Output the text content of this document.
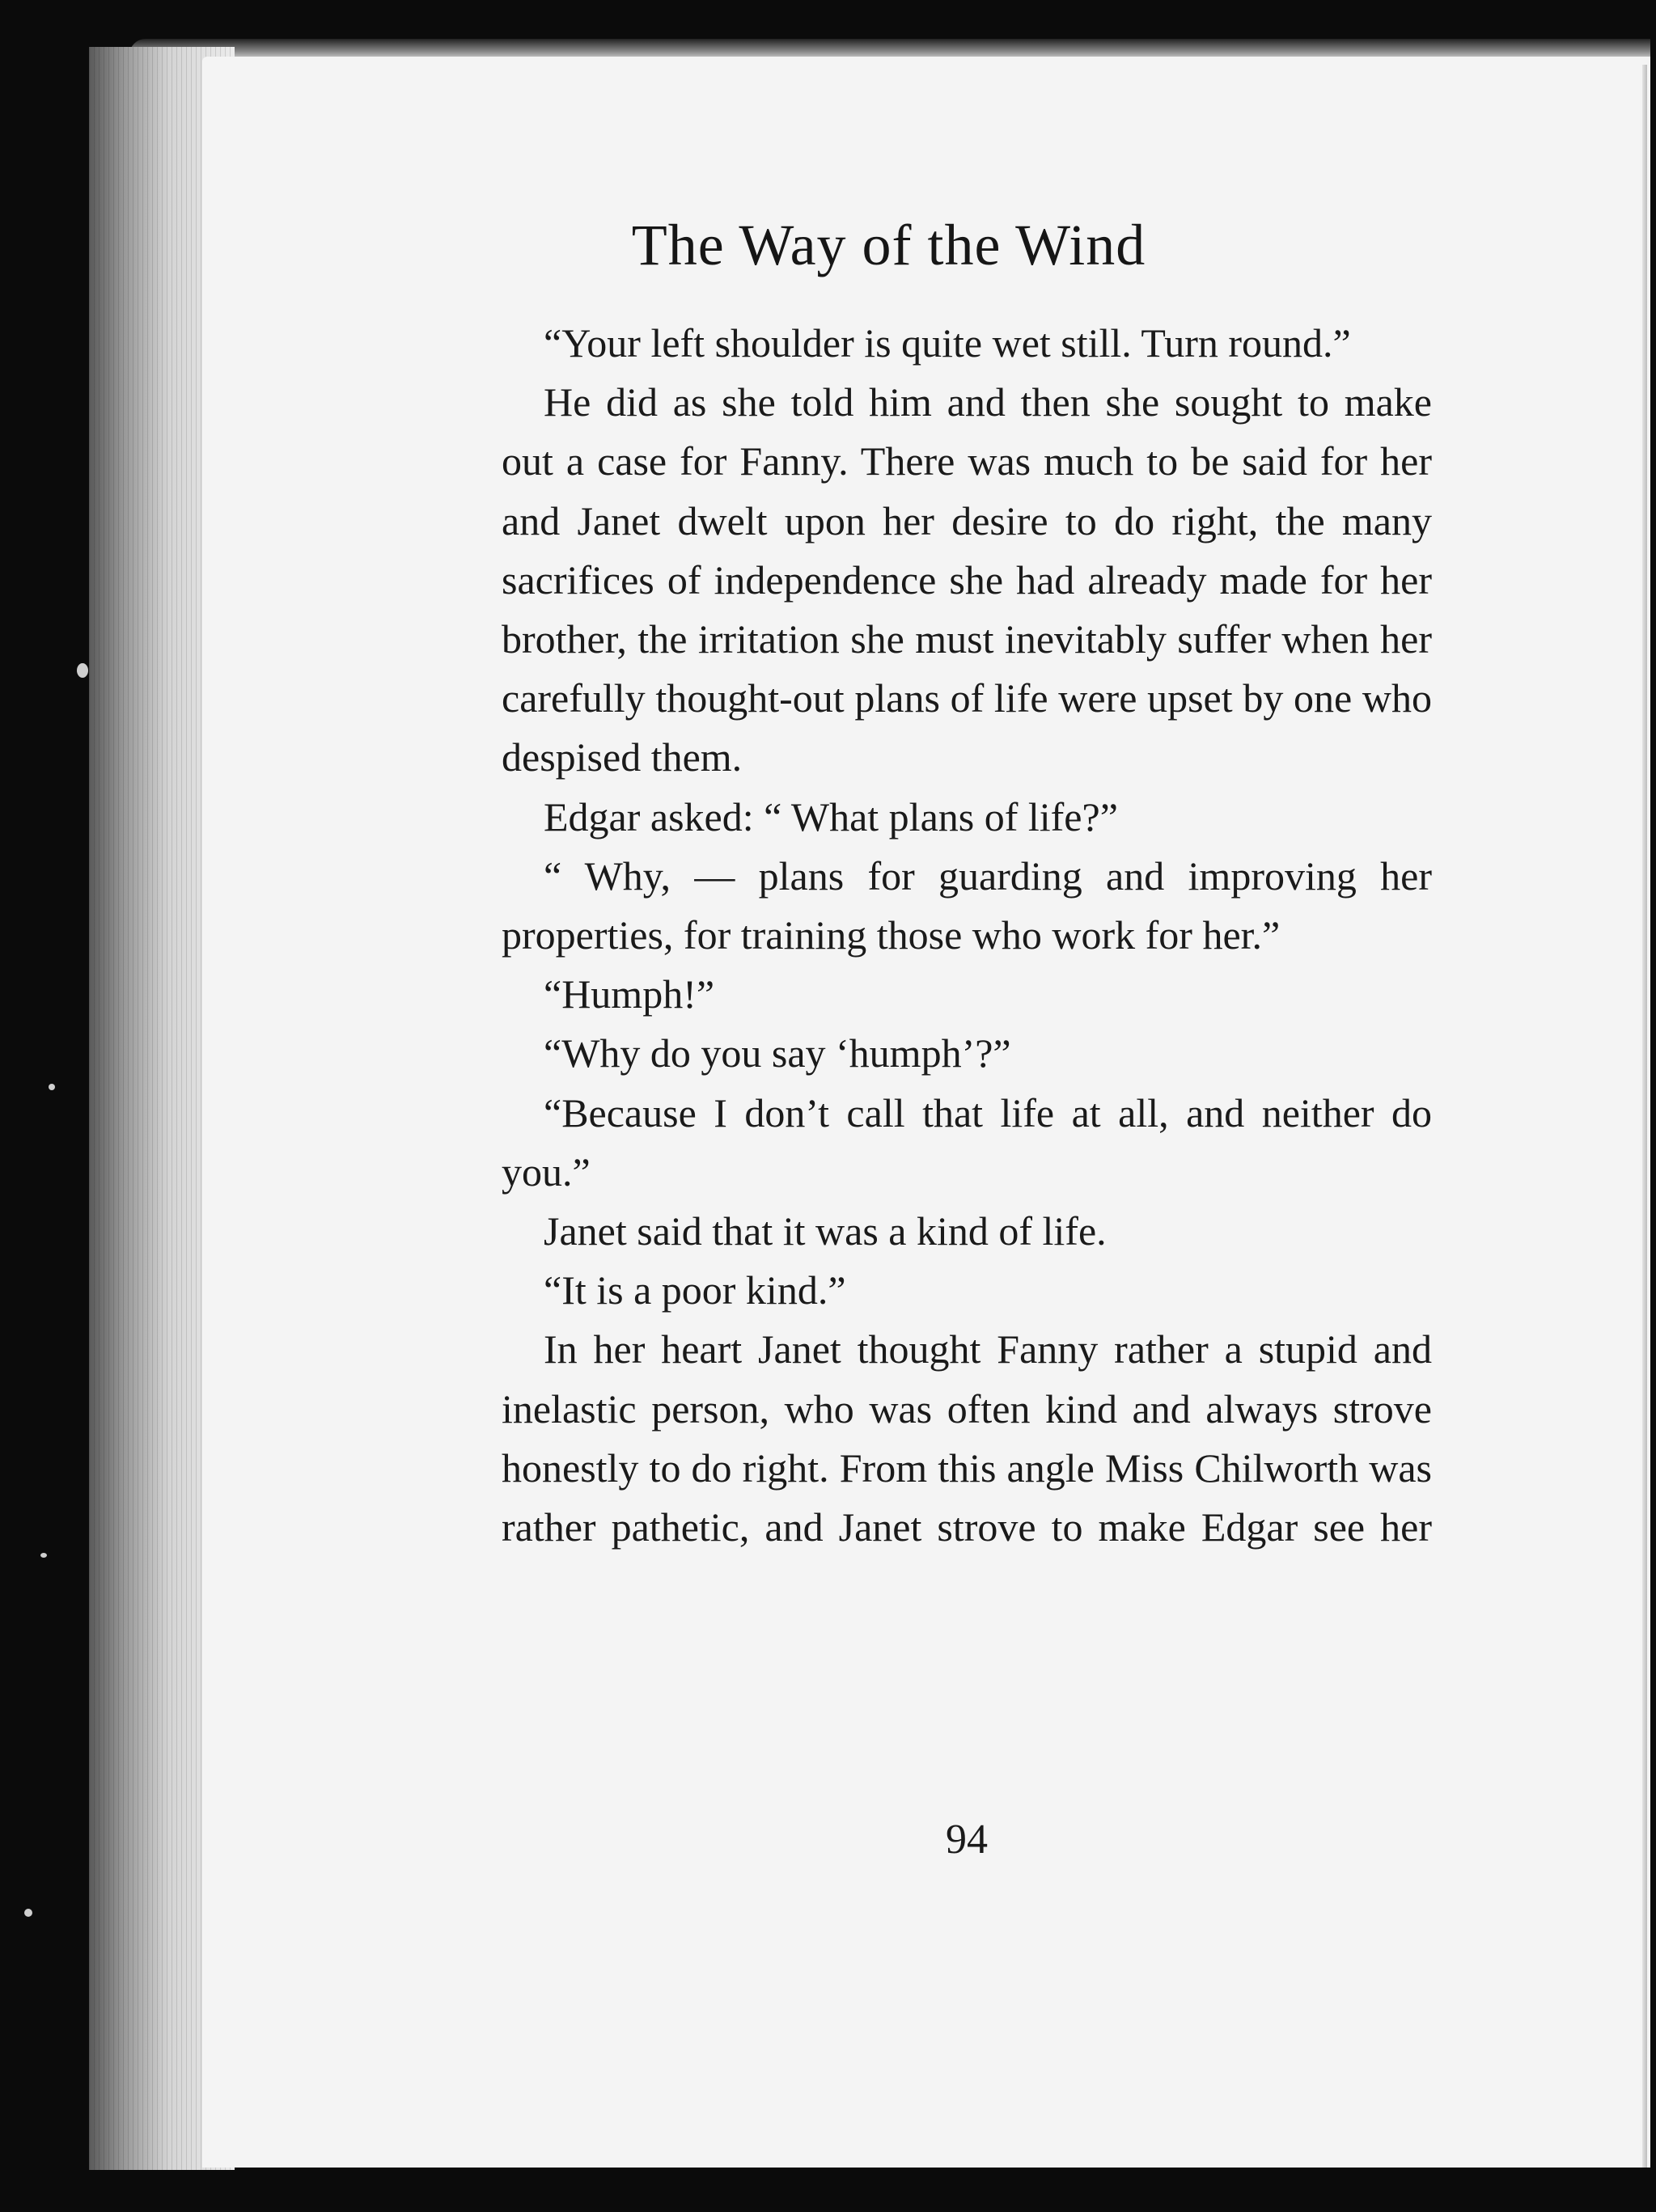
The Way of the Wind

“Your left shoulder is quite wet still. Turn round.”

He did as she told him and then she sought to make out a case for Fanny. There was much to be said for her and Janet dwelt upon her desire to do right, the many sacrifices of independence she had already made for her brother, the irritation she must inevitably suffer when her carefully thought-out plans of life were upset by one who despised them.

Edgar asked: “ What plans of life?”

“ Why, — plans for guarding and improving her properties, for training those who work for her.”

“Humph!”

“Why do you say ‘humph’?”

“Because I don’t call that life at all, and neither do you.”

Janet said that it was a kind of life.

“It is a poor kind.”

In her heart Janet thought Fanny rather a stupid and inelastic person, who was often kind and always strove honestly to do right. From this angle Miss Chilworth was rather pathetic, and Janet strove to make Edgar see her

94
